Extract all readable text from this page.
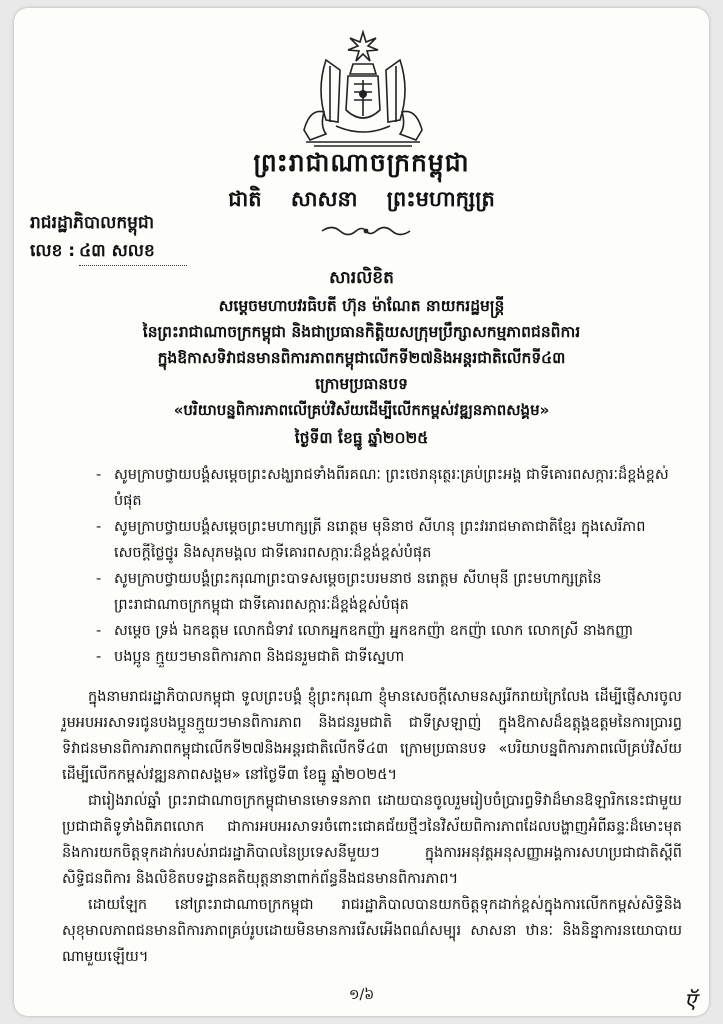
ព្រះរាជាណាចក្រកម្ពុជា
ជាតិ សាសនា ព្រះមហាក្សត្រ
រាជរដ្ឋាភិបាលកម្ពុជា
លេខ : ៤៣ សលខ
សារលិខិត
សម្តេចមហាបវរធិបតី ហ៊ុន ម៉ាណែត នាយករដ្ឋមន្ត្រី
នៃព្រះរាជាណាចក្រកម្ពុជា និងជាប្រធានកិត្តិយសក្រុមប្រឹក្សាសកម្មភាពជនពិការ
ក្នុងឱកាសទិវាជនមានពិការភាពកម្ពុជាលើកទី២៧និងអន្តរជាតិលើកទី៤៣
ក្រោមប្រធានបទ
«បរិយាបន្នពិការភាពលើគ្រប់វិស័យដើម្បីលើកកម្ពស់វឌ្ឍនភាពសង្គម»
ថ្ងៃទី៣ ខែធ្នូ ឆ្នាំ២០២៥
- សូមក្រាបថ្វាយបង្គំសម្តេចព្រះសង្ឃរាជទាំងពីរគណៈ ព្រះថេរានុត្ថេរៈគ្រប់ព្រះអង្គ ជាទីគោរពសក្ការៈដ៏ខ្ពង់ខ្ពស់បំផុត
- សូមក្រាបថ្វាយបង្គំសម្តេចព្រះមហាក្សត្រី នរោត្តម មុនិនាថ សីហនុ ព្រះវររាជមាតាជាតិខ្មែរ ក្នុងសេរីភាព សេចក្តីថ្លៃថ្នូរ និងសុភមង្គល ជាទីគោរពសក្ការៈដ៏ខ្ពង់ខ្ពស់បំផុត
- សូមក្រាបថ្វាយបង្គំព្រះករុណាព្រះបាទសម្តេចព្រះបរមនាថ នរោត្តម សីហមុនី ព្រះមហាក្សត្រនៃព្រះរាជាណាចក្រកម្ពុជា ជាទីគោរពសក្ការៈដ៏ខ្ពង់ខ្ពស់បំផុត
- សម្តេច ទ្រង់ ឯកឧត្តម លោកជំទាវ លោកអ្នកឧកញ៉ា អ្នកឧកញ៉ា ឧកញ៉ា លោក លោកស្រី នាងកញ្ញា
- បងប្អូន ក្មួយៗមានពិការភាព និងជនរួមជាតិ ជាទីស្នេហា

ក្នុងនាមរាជរដ្ឋាភិបាលកម្ពុជា ទូលព្រះបង្គំ ខ្ញុំព្រះករុណា ខ្ញុំមានសេចក្តីសោមនស្សរីករាយក្រៃលែង ដើម្បីផ្ញើសារចូលរួមអបអរសាទរជូនបងប្អូនក្មួយៗមានពិការភាព និងជនរួមជាតិ ជាទីស្រឡាញ់ ក្នុងឱកាសដ៏ឧត្តុង្គឧត្តមនៃការប្រារព្ធទិវាជនមានពិការភាពកម្ពុជាលើកទី២៧និងអន្តរជាតិលើកទី៤៣ ក្រោមប្រធានបទ «បរិយាបន្នពិការភាពលើគ្រប់វិស័យដើម្បីលើកកម្ពស់វឌ្ឍនភាពសង្គម» នៅថ្ងៃទី៣ ខែធ្នូ ឆ្នាំ២០២៥។

ជារៀងរាល់ឆ្នាំ ព្រះរាជាណាចក្រកម្ពុជាមានមោទនភាព ដោយបានចូលរួមរៀបចំប្រារព្ធទិវាដ៏មានឱឡារិកនេះជាមួយប្រជាជាតិទូទាំងពិភពលោក ជាការអបអរសាទរចំពោះជោគជ័យថ្មីៗនៃវិស័យពិការភាពដែលបង្ហាញអំពីឆន្ទៈដ៏មោះមុតនិងការយកចិត្តទុកដាក់របស់រាជរដ្ឋាភិបាលនៃប្រទេសនីមួយៗ ក្នុងការអនុវត្តអនុសញ្ញាអង្គការសហប្រជាជាតិស្តីពីសិទ្ធិជនពិការ និងលិខិតបទដ្ឋានគតិយុត្តនានាពាក់ព័ន្ធនឹងជនមានពិការភាព។

ដោយឡែក នៅព្រះរាជាណាចក្រកម្ពុជា រាជរដ្ឋាភិបាលបានយកចិត្តទុកដាក់ខ្ពស់ក្នុងការលើកកម្ពស់សិទ្ធិនិងសុខុមាលភាពជនមានពិការភាពគ្រប់រូបដោយមិនមានការរើសអើងពណ៌សម្បុរ សាសនា ឋានៈ និងនិន្នាការនយោបាយណាមួយឡើយ។

១/៦	ऍ
